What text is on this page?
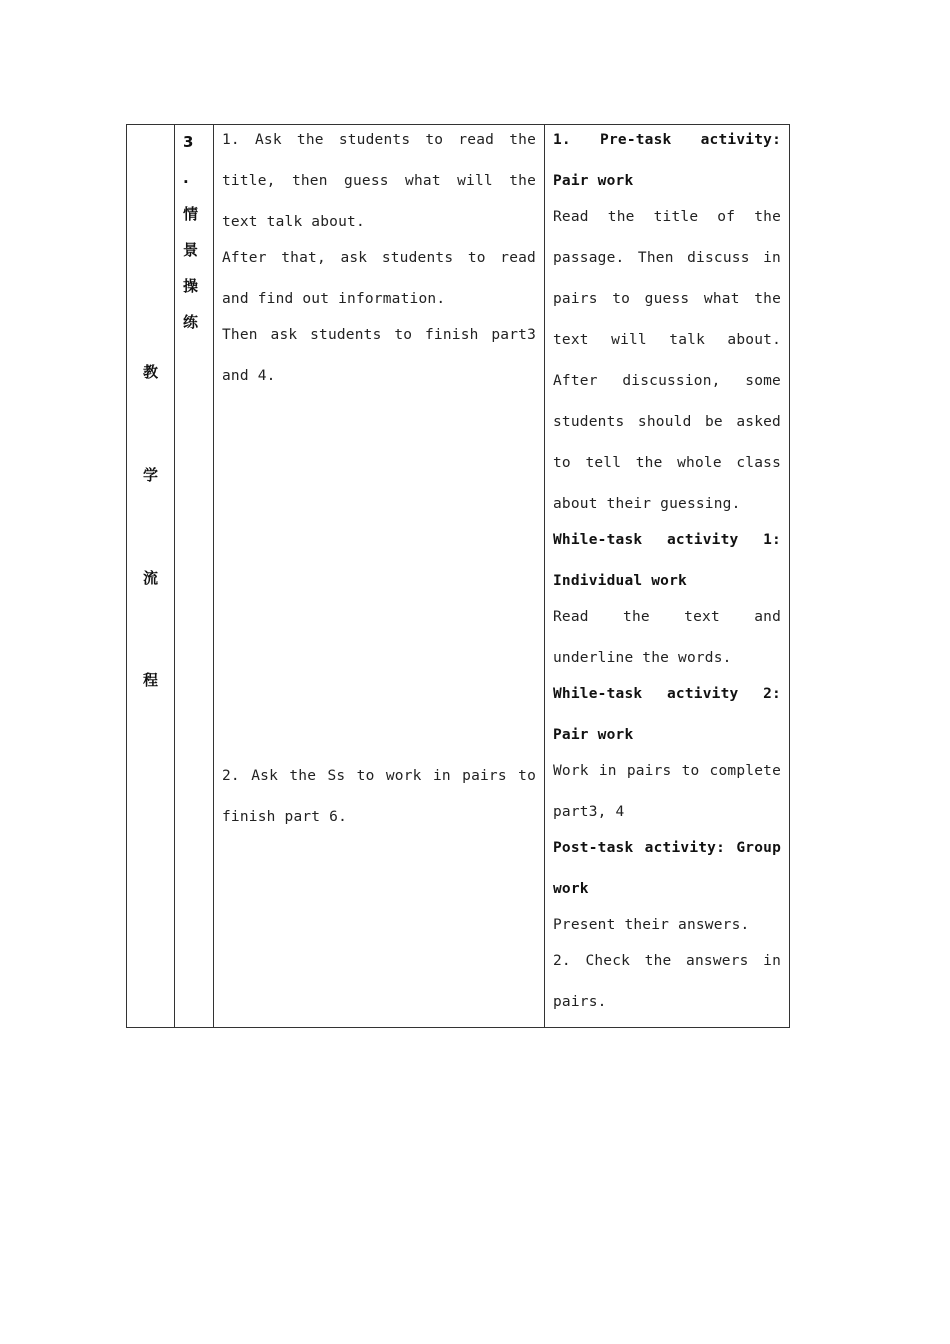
教
学
流
程
3
.
情
景
操
练

1. Ask the students to read the title, then guess what will the text talk about.

After that, ask students to read and find out information.

Then ask students to finish part3 and 4.

2. Ask the Ss to work in pairs to finish part 6.

1. Pre-task activity: Pair work

Read the title of the passage. Then discuss in pairs to guess what the text will talk about. After discussion, some students should be asked to tell the whole class about their guessing.

While-task activity 1: Individual work

Read the text and underline the words.

While-task activity 2: Pair work

Work in pairs to complete part3, 4

Post-task activity: Group work

Present their answers.

2. Check the answers in pairs.
